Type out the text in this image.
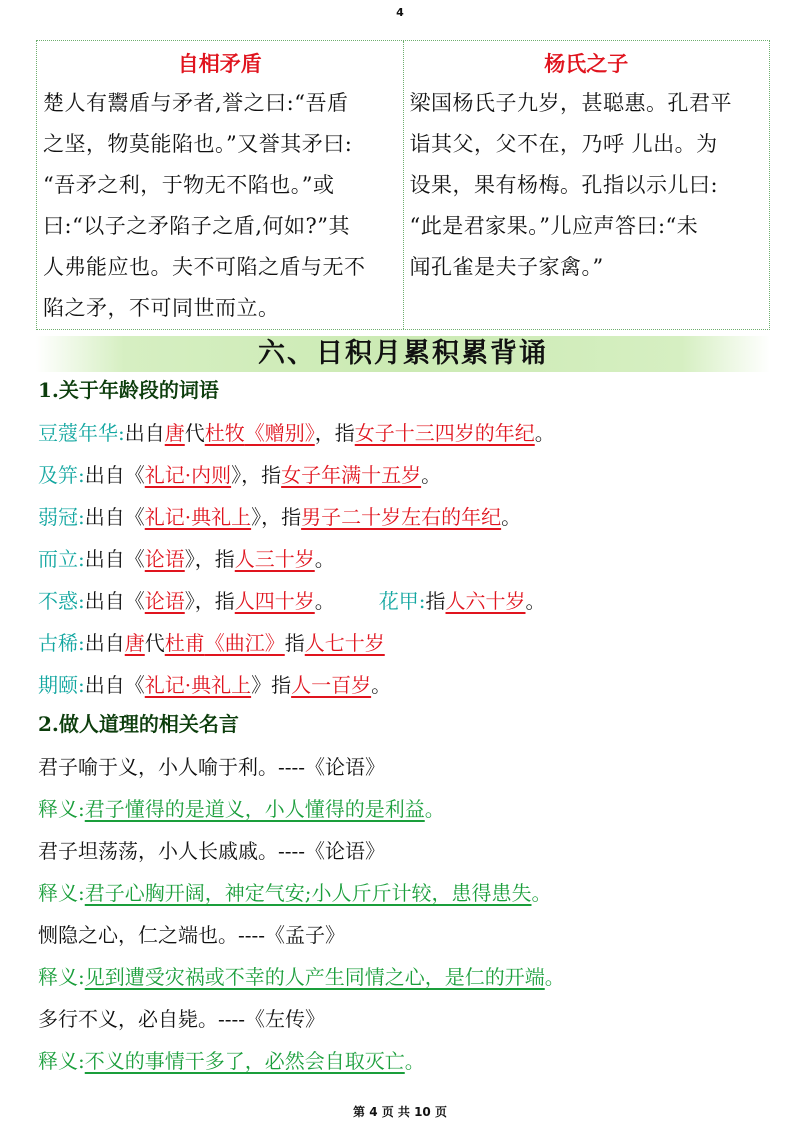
4
自相矛盾
楚人有鬻盾与矛者,誉之曰:“吾盾
之坚，物莫能陷也。”又誉其矛曰:
“吾矛之利，于物无不陷也。”或
曰:“以子之矛陷子之盾,何如?”其
人弗能应也。夫不可陷之盾与无不
陷之矛，不可同世而立。
杨氏之子
梁国杨氏子九岁，甚聪惠。孔君平
诣其父，父不在，乃呼 儿出。为
设果，果有杨梅。孔指以示儿曰:
“此是君家果。”儿应声答曰:“未
闻孔雀是夫子家禽。”
六、日积月累积累背诵
1.关于年龄段的词语
豆蔻年华:出自唐代杜牧《赠别》，指女子十三四岁的年纪。
及笄:出自《礼记·内则》，指女子年满十五岁。
弱冠:出自《礼记·典礼上》，指男子二十岁左右的年纪。
而立:出自《论语》，指人三十岁。
不惑:出自《论语》，指人四十岁。 花甲:指人六十岁。
古稀:出自唐代杜甫《曲江》指人七十岁
期颐:出自《礼记·典礼上》指人一百岁。
2.做人道理的相关名言
君子喻于义，小人喻于利。----《论语》
释义:君子懂得的是道义，小人懂得的是利益。
君子坦荡荡，小人长戚戚。----《论语》
释义:君子心胸开阔，神定气安;小人斤斤计较，患得患失。
恻隐之心，仁之端也。----《孟子》
释义:见到遭受灾祸或不幸的人产生同情之心，是仁的开端。
多行不义，必自毙。----《左传》
释义:不义的事情干多了，必然会自取灭亡。
第 4 页 共 10 页
